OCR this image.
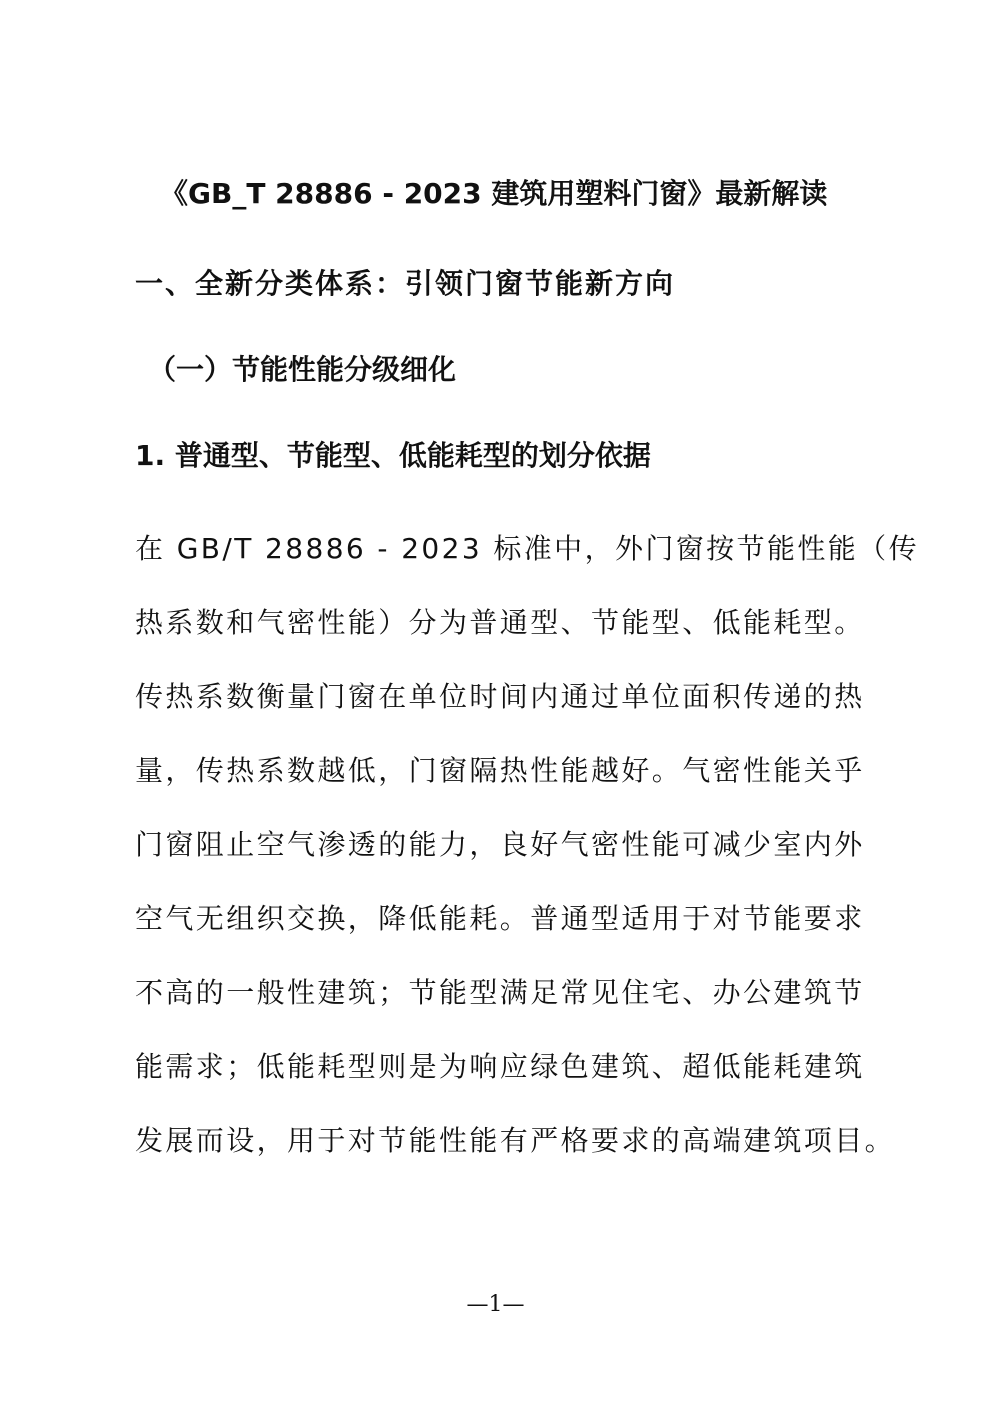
《GB_T 28886 - 2023 建筑用塑料门窗》最新解读
一、全新分类体系：引领门窗节能新方向
（一）节能性能分级细化
1. 普通型、节能型、低能耗型的划分依据
在 GB/T 28886 - 2023 标准中，外门窗按节能性能（传
热系数和气密性能）分为普通型、节能型、低能耗型。
传热系数衡量门窗在单位时间内通过单位面积传递的热
量，传热系数越低，门窗隔热性能越好。气密性能关乎
门窗阻止空气渗透的能力，良好气密性能可减少室内外
空气无组织交换，降低能耗。普通型适用于对节能要求
不高的一般性建筑；节能型满足常见住宅、办公建筑节
能需求；低能耗型则是为响应绿色建筑、超低能耗建筑
发展而设，用于对节能性能有严格要求的高端建筑项目。
—1—
